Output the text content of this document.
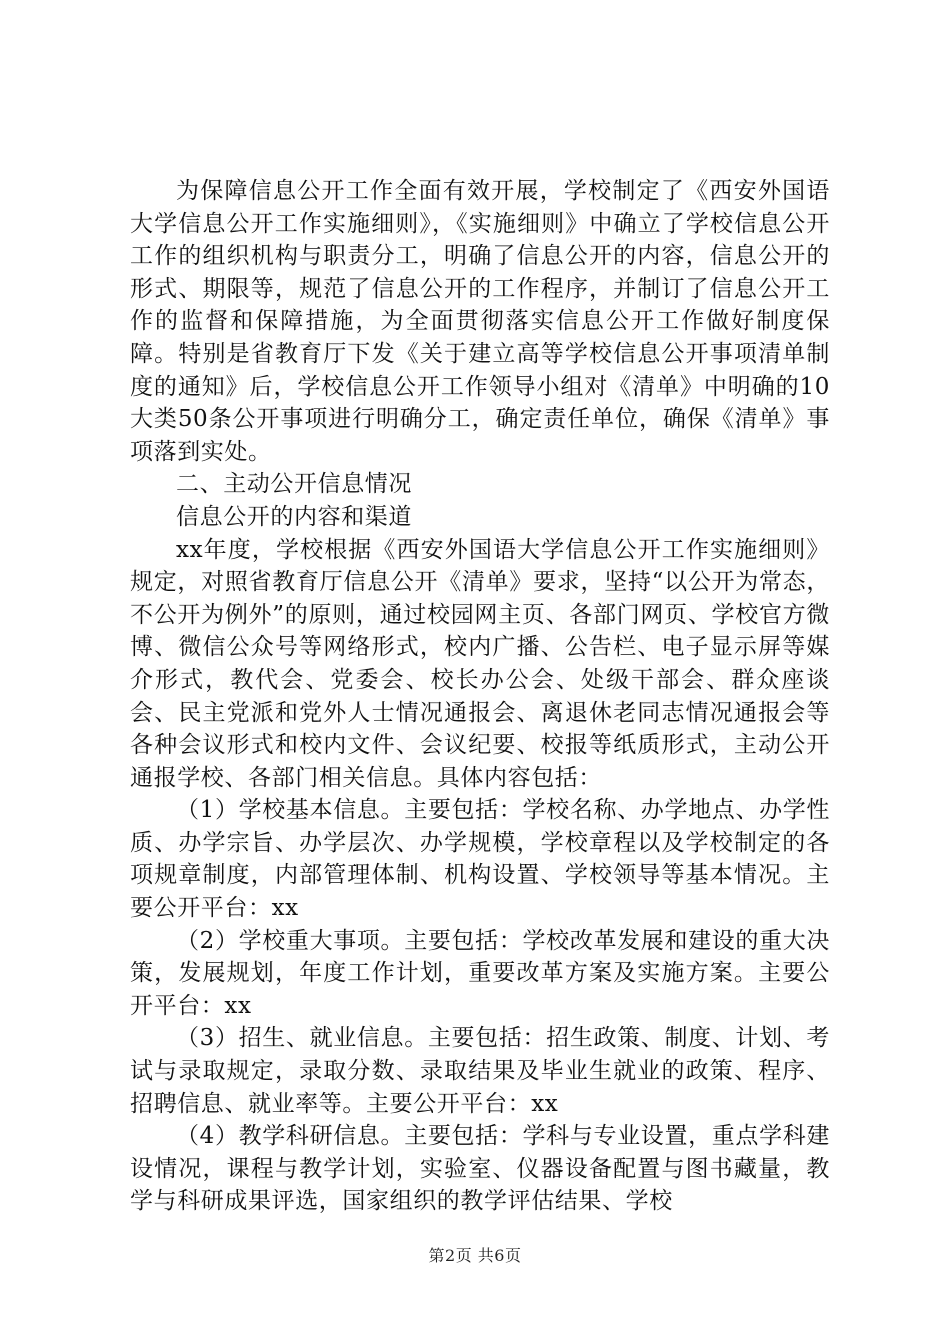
为保障信息公开工作全面有效开展，学校制定了《西安外国语大学信息公开工作实施细则》，《实施细则》中确立了学校信息公开工作的组织机构与职责分工，明确了信息公开的内容，信息公开的形式、期限等，规范了信息公开的工作程序，并制订了信息公开工作的监督和保障措施，为全面贯彻落实信息公开工作做好制度保障。特别是省教育厅下发《关于建立高等学校信息公开事项清单制度的通知》后，学校信息公开工作领导小组对《清单》中明确的10大类50条公开事项进行明确分工，确定责任单位，确保《清单》事项落到实处。

二、主动公开信息情况

信息公开的内容和渠道

xx年度，学校根据《西安外国语大学信息公开工作实施细则》规定，对照省教育厅信息公开《清单》要求，坚持“以公开为常态，不公开为例外”的原则，通过校园网主页、各部门网页、学校官方微博、微信公众号等网络形式，校内广播、公告栏、电子显示屏等媒介形式，教代会、党委会、校长办公会、处级干部会、群众座谈会、民主党派和党外人士情况通报会、离退休老同志情况通报会等各种会议形式和校内文件、会议纪要、校报等纸质形式，主动公开通报学校、各部门相关信息。具体内容包括：

（1）学校基本信息。主要包括：学校名称、办学地点、办学性质、办学宗旨、办学层次、办学规模，学校章程以及学校制定的各项规章制度，内部管理体制、机构设置、学校领导等基本情况。主要公开平台：xx

（2）学校重大事项。主要包括：学校改革发展和建设的重大决策，发展规划，年度工作计划，重要改革方案及实施方案。主要公开平台：xx

（3）招生、就业信息。主要包括：招生政策、制度、计划、考试与录取规定，录取分数、录取结果及毕业生就业的政策、程序、招聘信息、就业率等。主要公开平台：xx

（4）教学科研信息。主要包括：学科与专业设置，重点学科建设情况，课程与教学计划，实验室、仪器设备配置与图书藏量，教学与科研成果评选，国家组织的教学评估结果、学校

第2页 共6页
